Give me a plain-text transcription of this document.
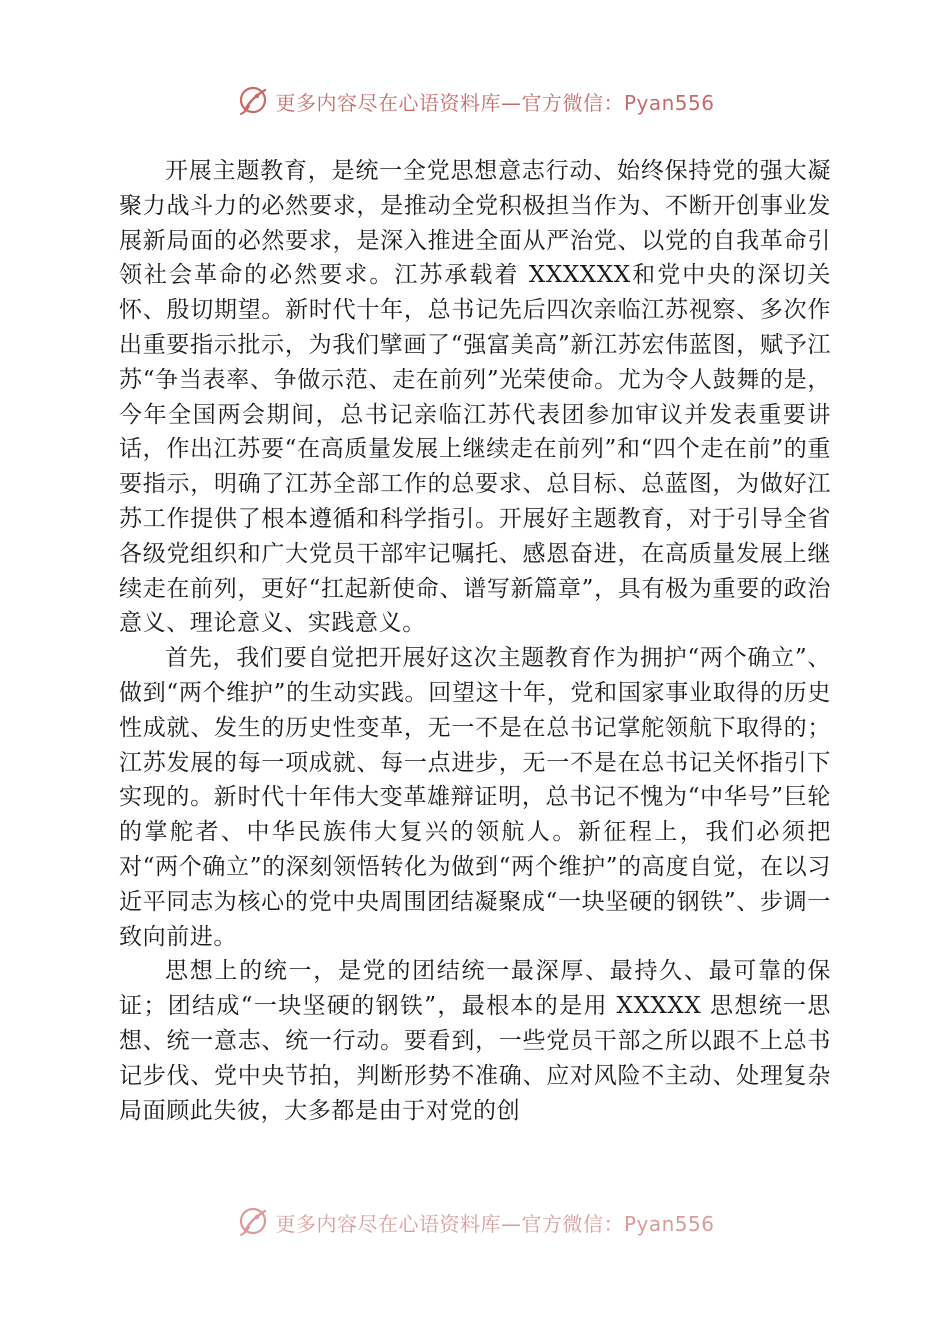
更多内容尽在心语资料库—官方微信：Pyan556

开展主题教育，是统一全党思想意志行动、始终保持党的强大凝聚力战斗力的必然要求，是推动全党积极担当作为、不断开创事业发展新局面的必然要求，是深入推进全面从严治党、以党的自我革命引领社会革命的必然要求。江苏承载着 XXXXXX和党中央的深切关怀、殷切期望。新时代十年，总书记先后四次亲临江苏视察、多次作出重要指示批示，为我们擘画了“强富美高”新江苏宏伟蓝图，赋予江苏“争当表率、争做示范、走在前列”光荣使命。尤为令人鼓舞的是，今年全国两会期间，总书记亲临江苏代表团参加审议并发表重要讲话，作出江苏要“在高质量发展上继续走在前列”和“四个走在前”的重要指示，明确了江苏全部工作的总要求、总目标、总蓝图，为做好江苏工作提供了根本遵循和科学指引。开展好主题教育，对于引导全省各级党组织和广大党员干部牢记嘱托、感恩奋进，在高质量发展上继续走在前列，更好“扛起新使命、谱写新篇章”，具有极为重要的政治意义、理论意义、实践意义。

首先，我们要自觉把开展好这次主题教育作为拥护“两个确立”、做到“两个维护”的生动实践。回望这十年，党和国家事业取得的历史性成就、发生的历史性变革，无一不是在总书记掌舵领航下取得的；江苏发展的每一项成就、每一点进步，无一不是在总书记关怀指引下实现的。新时代十年伟大变革雄辩证明，总书记不愧为“中华号”巨轮的掌舵者、中华民族伟大复兴的领航人。新征程上，我们必须把对“两个确立”的深刻领悟转化为做到“两个维护”的高度自觉，在以习近平同志为核心的党中央周围团结凝聚成“一块坚硬的钢铁”、步调一致向前进。

思想上的统一，是党的团结统一最深厚、最持久、最可靠的保证；团结成“一块坚硬的钢铁”，最根本的是用 XXXXX 思想统一思想、统一意志、统一行动。要看到，一些党员干部之所以跟不上总书记步伐、党中央节拍，判断形势不准确、应对风险不主动、处理复杂局面顾此失彼，大多都是由于对党的创

更多内容尽在心语资料库—官方微信：Pyan556
